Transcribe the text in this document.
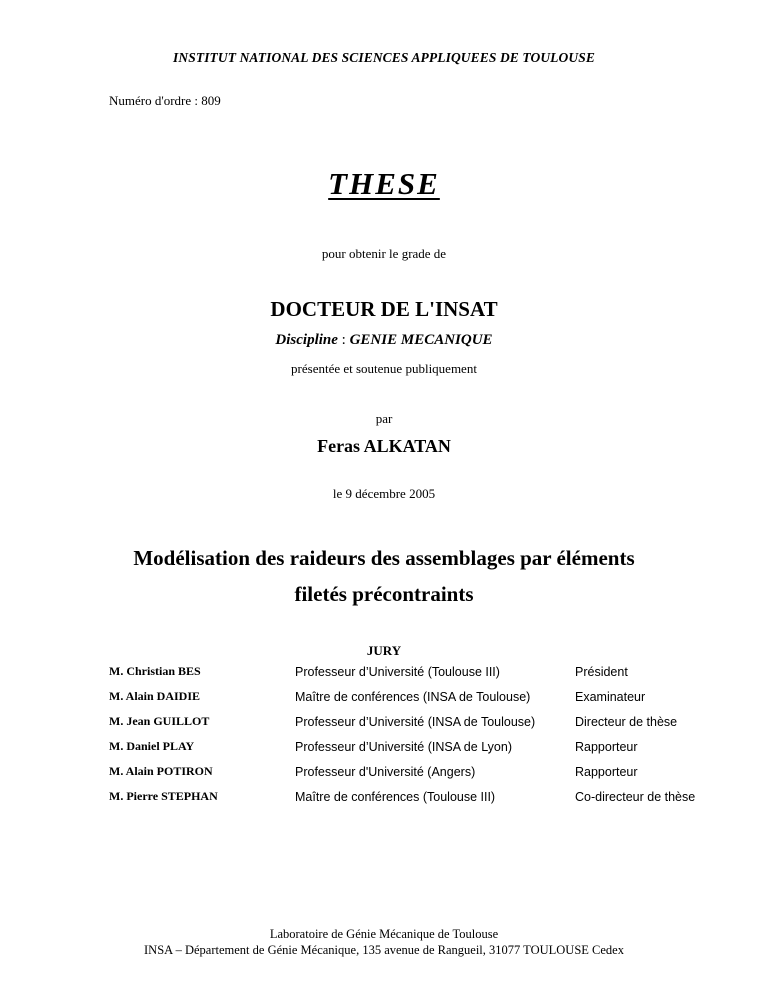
INSTITUT NATIONAL DES SCIENCES APPLIQUEES DE TOULOUSE
Numéro d'ordre : 809
THESE
pour obtenir le grade de
DOCTEUR DE L'INSAT
Discipline : GENIE MECANIQUE
présentée et soutenue publiquement
par
Feras ALKATAN
le 9 décembre 2005
Modélisation des raideurs des assemblages par éléments
filetés précontraints
JURY
M. Christian BES	Professeur d’Université (Toulouse III)	Président
M. Alain DAIDIE	Maître de conférences (INSA de Toulouse)	Examinateur
M. Jean GUILLOT	Professeur d’Université (INSA de Toulouse)	Directeur de thèse
M. Daniel PLAY	Professeur d’Université (INSA de Lyon)	Rapporteur
M. Alain POTIRON	Professeur d'Université (Angers)	Rapporteur
M. Pierre STEPHAN	Maître de conférences (Toulouse III)	Co-directeur de thèse
Laboratoire de Génie Mécanique de Toulouse
INSA – Département de Génie Mécanique, 135 avenue de Rangueil, 31077 TOULOUSE Cedex
